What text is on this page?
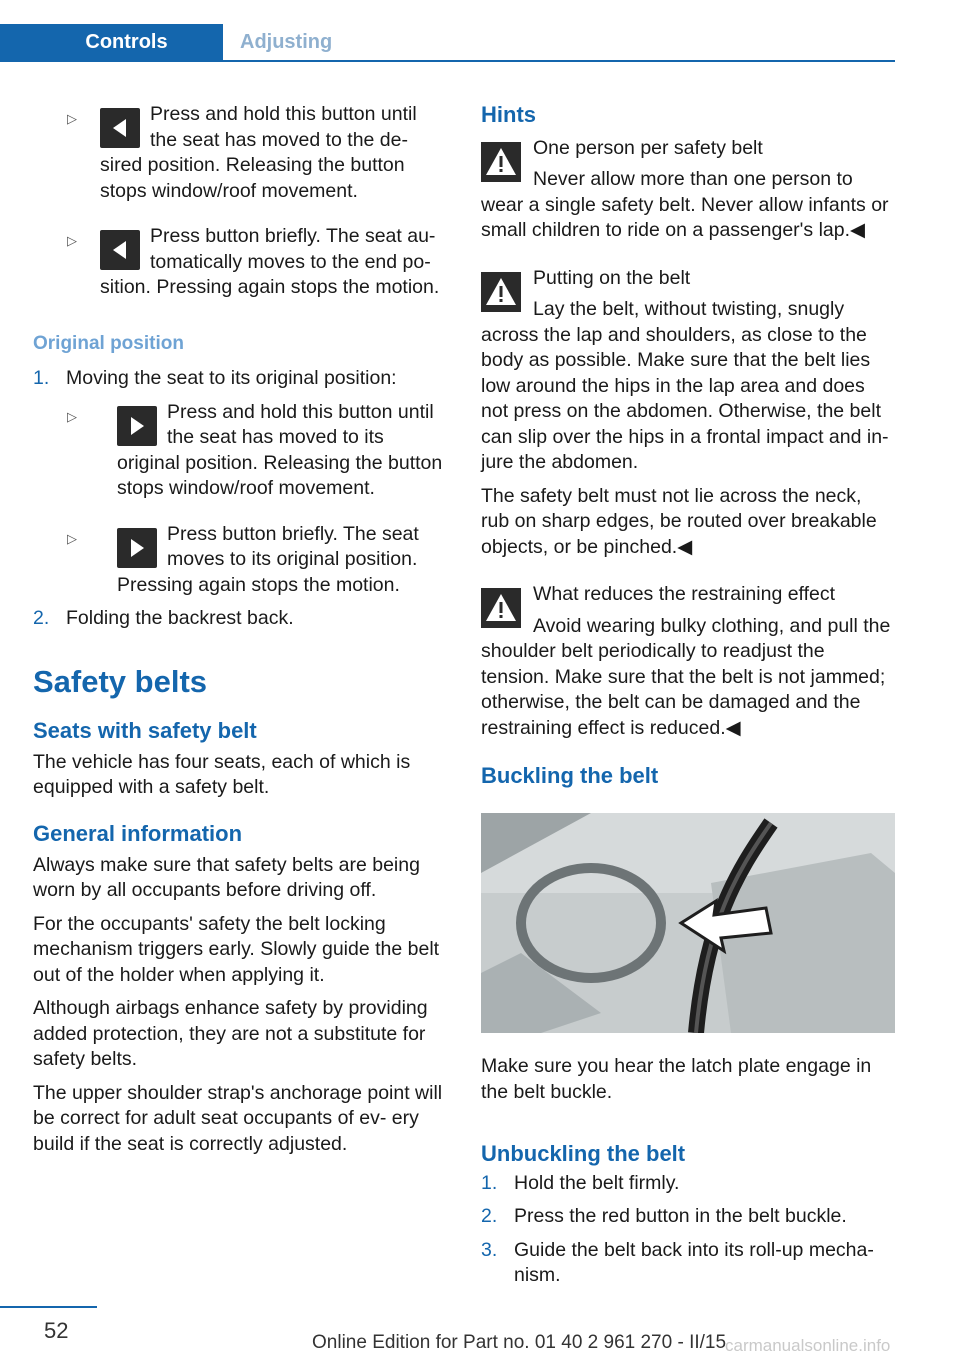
Controls	Adjusting
▷	Press and hold this button until the seat has moved to the de‐ sired position. Releasing the button stops window/roof movement.

▷	Press button briefly. The seat au‐ tomatically moves to the end po‐ sition. Pressing again stops the motion.

Original position
1. Moving the seat to its original position:

▷	Press and hold this button until the seat has moved to its original position. Releasing the button stops window/roof movement.

▷	Press button briefly. The seat moves to its original position. Pressing again stops the motion.

2. Folding the backrest back.

Safety belts
Seats with safety belt

The vehicle has four seats, each of which is equipped with a safety belt.

General information

Always make sure that safety belts are being worn by all occupants before driving off.

For the occupants' safety the belt locking mechanism triggers early. Slowly guide the belt out of the holder when applying it.

Although airbags enhance safety by providing added protection, they are not a substitute for safety belts.

The upper shoulder strap's anchorage point will be correct for adult seat occupants of ev‐ ery build if the seat is correctly adjusted.

Hints

One person per safety belt

Never allow more than one person to wear a single safety belt. Never allow infants or small children to ride on a passenger's lap.◀

Putting on the belt

Lay the belt, without twisting, snugly across the lap and shoulders, as close to the body as possible. Make sure that the belt lies low around the hips in the lap area and does not press on the abdomen. Otherwise, the belt can slip over the hips in a frontal impact and in‐ jure the abdomen.

The safety belt must not lie across the neck, rub on sharp edges, be routed over breakable objects, or be pinched.◀

What reduces the restraining effect

Avoid wearing bulky clothing, and pull the shoulder belt periodically to readjust the tension. Make sure that the belt is not jammed; otherwise, the belt can be damaged and the restraining effect is reduced.◀

Buckling the belt

Make sure you hear the latch plate engage in the belt buckle.

Unbuckling the belt
1. Hold the belt firmly.

2. Press the red button in the belt buckle.

3. Guide the belt back into its roll-up mecha‐ nism.

52	Online Edition for Part no. 01 40 2 961 270 - II/15
carmanualsonline.info
